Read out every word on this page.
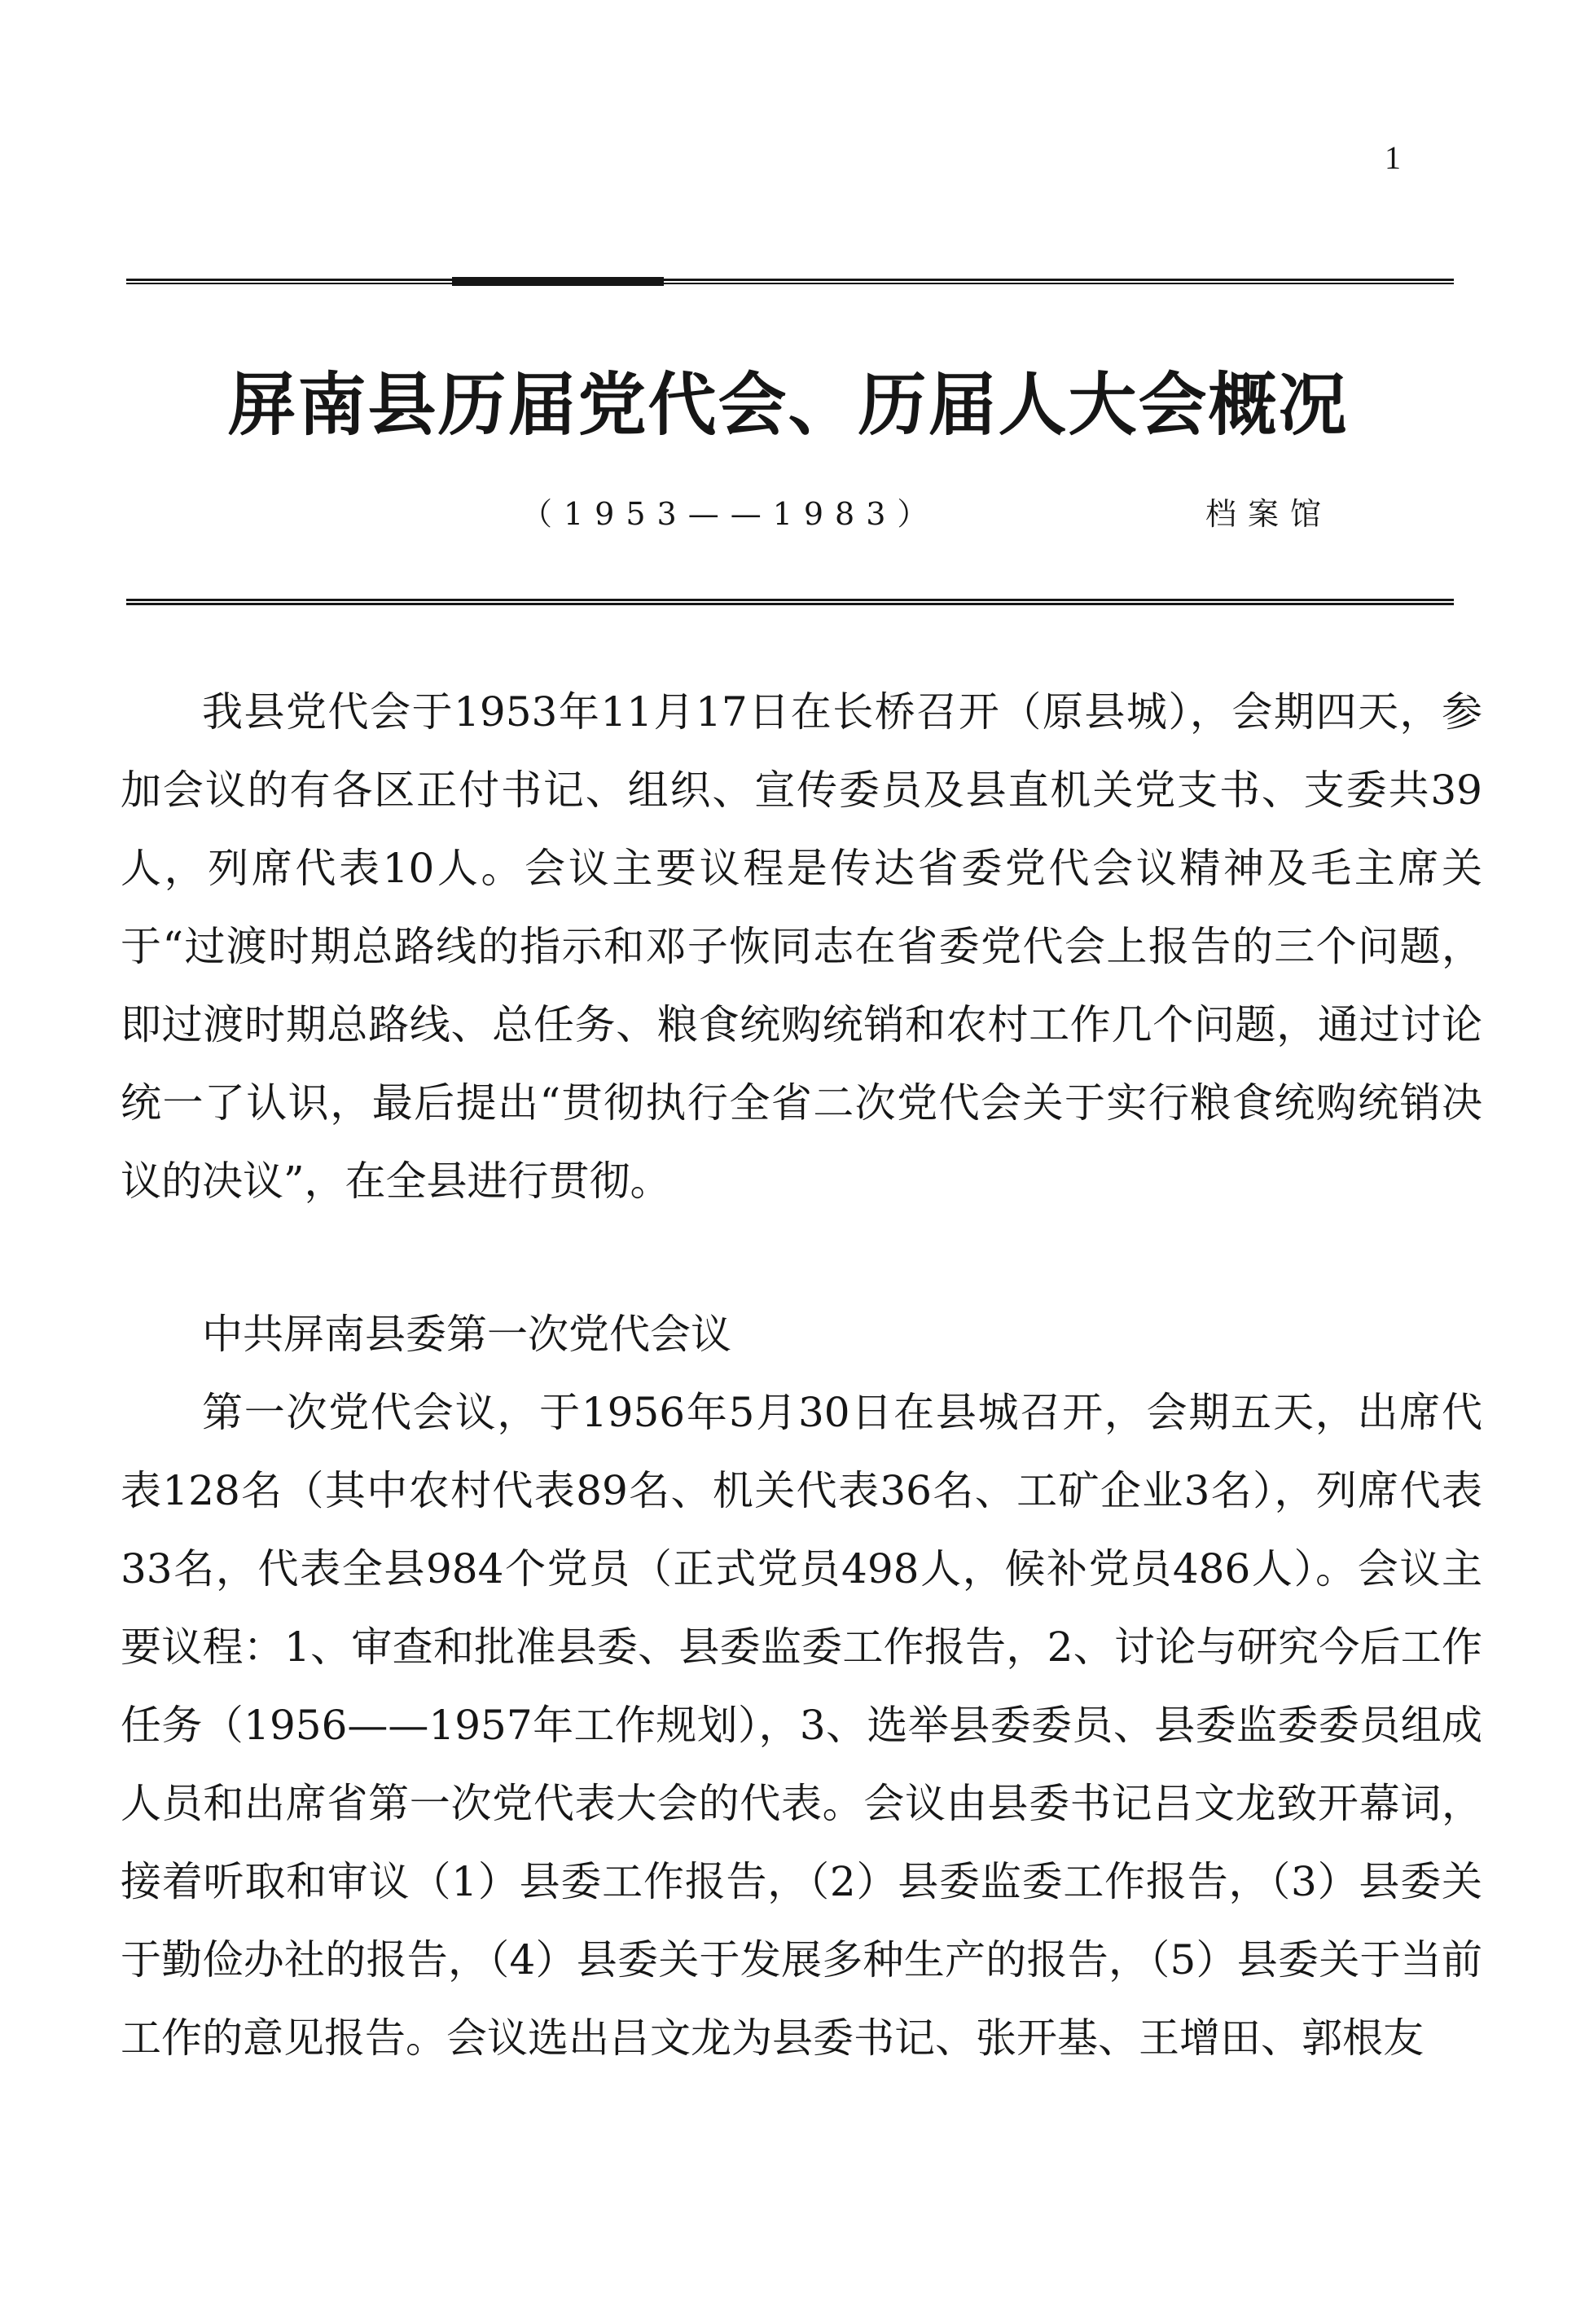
1
屏南县历届党代会、历届人大会概况
（1953——1983）	档案馆
我县党代会于1953年11月17日在长桥召开（原县城），会期四天，参加会议的有各区正付书记、组织、宣传委员及县直机关党支书、支委共39人，列席代表10人。会议主要议程是传达省委党代会议精神及毛主席关于“过渡时期总路线的指示和邓子恢同志在省委党代会上报告的三个问题，即过渡时期总路线、总任务、粮食统购统销和农村工作几个问题，通过讨论统一了认识，最后提出“贯彻执行全省二次党代会关于实行粮食统购统销决议的决议”，在全县进行贯彻。
中共屏南县委第一次党代会议
第一次党代会议，于1956年5月30日在县城召开，会期五天，出席代表128名（其中农村代表89名、机关代表36名、工矿企业3名），列席代表33名，代表全县984个党员（正式党员498人，候补党员486人）。会议主要议程：1、审查和批准县委、县委监委工作报告，2、讨论与研究今后工作任务（1956——1957年工作规划），3、选举县委委员、县委监委委员组成人员和出席省第一次党代表大会的代表。会议由县委书记吕文龙致开幕词，接着听取和审议（1）县委工作报告，（2）县委监委工作报告，（3）县委关于勤俭办社的报告，（4）县委关于发展多种生产的报告，（5）县委关于当前工作的意见报告。会议选出吕文龙为县委书记、张开基、王增田、郭根友
